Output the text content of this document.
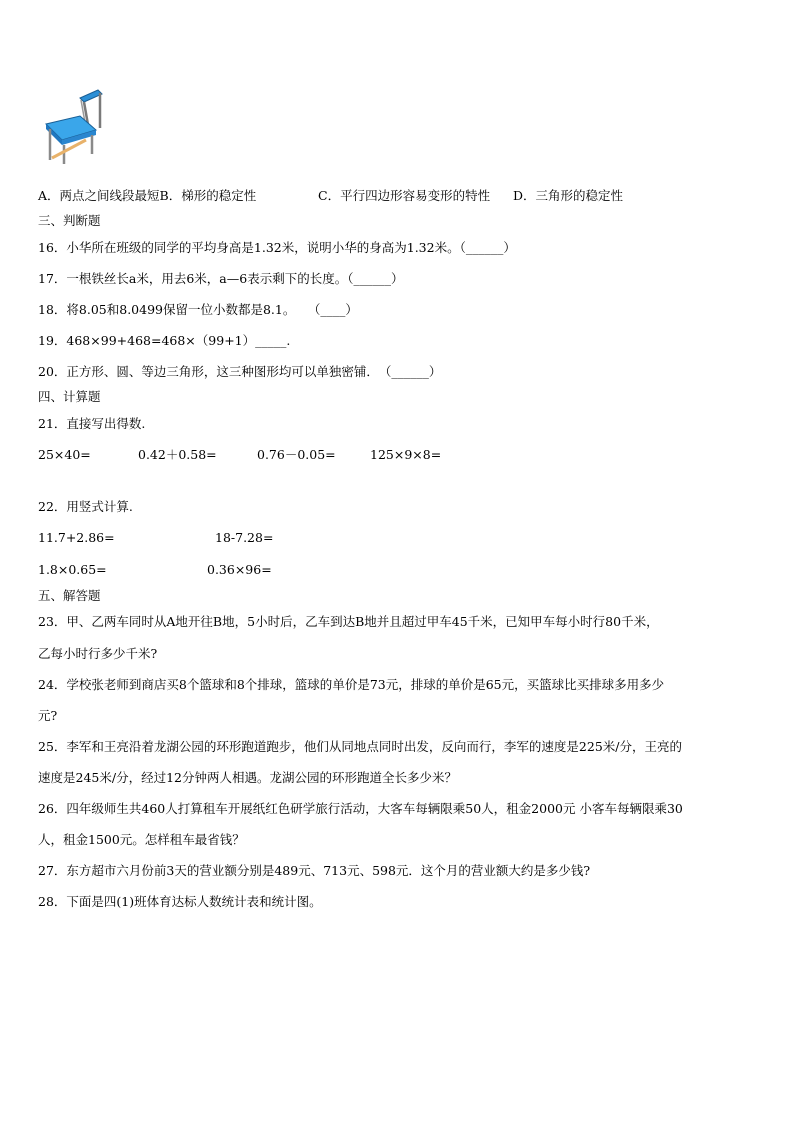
A．两点之间线段最短B．梯形的稳定性	C．平行四边形容易变形的特性 D．三角形的稳定性
三、判断题
16．小华所在班级的同学的平均身高是1.32米，说明小华的身高为1.32米。（______）
17．一根铁丝长a米，用去6米，a—6表示剩下的长度。（______）
18．将8.05和8.0499保留一位小数都是8.1。　　（____）
19．468×99+468=468×（99+1）_____.
20．正方形、圆、等边三角形，这三种图形均可以单独密铺．　（______）
四、计算题
21．直接写出得数.
25×40=	0.42＋0.58=	0.76－0.05=	125×9×8=
22．用竖式计算.
11.7+2.86=	18-7.28=
1.8×0.65=	0.36×96=
五、解答题
23．甲、乙两车同时从A地开往B地，5小时后，乙车到达B地并且超过甲车45千米，已知甲车每小时行80千米，
乙每小时行多少千米?
24．学校张老师到商店买8个篮球和8个排球，篮球的单价是73元，排球的单价是65元，买篮球比买排球多用多少
元?
25．李军和王亮沿着龙湖公园的环形跑道跑步，他们从同地点同时出发，反向而行，李军的速度是225米/分，王亮的
速度是245米/分，经过12分钟两人相遇。龙湖公园的环形跑道全长多少米？
26．四年级师生共460人打算租车开展纸红色研学旅行活动，大客车每辆限乘50人，租金2000元 小客车每辆限乘30
人，租金1500元。怎样租车最省钱？
27．东方超市六月份前3天的营业额分别是489元、713元、598元．这个月的营业额大约是多少钱?
28．下面是四(1)班体育达标人数统计表和统计图。
